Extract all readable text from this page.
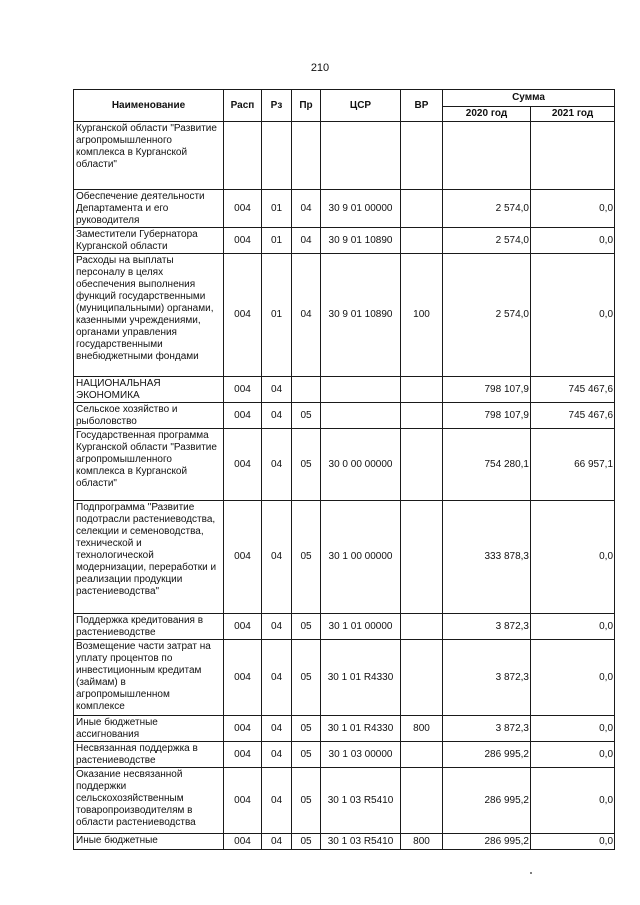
210
Наименование	Расп	Рз	Пр	ЦСР	ВР	Сумма	
						2020 год	2021 год
Курганской области "Развитие агропромышленного комплекса в Курганской области"							
Обеспечение деятельности Департамента и его руководителя	004	01	04	30 9 01 00000		2 574,0	0,0
Заместители Губернатора Курганской области	004	01	04	30 9 01 10890		2 574,0	0,0
Расходы на выплаты персоналу в целях обеспечения выполнения функций государственными (муниципальными) органами, казенными учреждениями, органами управления государственными внебюджетными фондами	004	01	04	30 9 01 10890	100	2 574,0	0,0
НАЦИОНАЛЬНАЯ ЭКОНОМИКА	004	04				798 107,9	745 467,6
Сельское хозяйство и рыболовство	004	04	05			798 107,9	745 467,6
Государственная программа Курганской области "Развитие агропромышленного комплекса в Курганской области"	004	04	05	30 0 00 00000		754 280,1	66 957,1
Подпрограмма "Развитие подотрасли растениеводства, селекции и семеноводства, технической и технологической модернизации, переработки и реализации продукции растениеводства"	004	04	05	30 1 00 00000		333 878,3	0,0
Поддержка кредитования в растениеводстве	004	04	05	30 1 01 00000		3 872,3	0,0
Возмещение части затрат на уплату процентов по инвестиционным кредитам (займам) в агропромышленном комплексе	004	04	05	30 1 01 R4330		3 872,3	0,0
Иные бюджетные ассигнования	004	04	05	30 1 01 R4330	800	3 872,3	0,0
Несвязанная поддержка в растениеводстве	004	04	05	30 1 03 00000		286 995,2	0,0
Оказание несвязанной поддержки сельскохозяйственным товаропроизводителям в области растениеводства	004	04	05	30 1 03 R5410		286 995,2	0,0
Иные бюджетные	004	04	05	30 1 03 R5410	800	286 995,2	0,0
